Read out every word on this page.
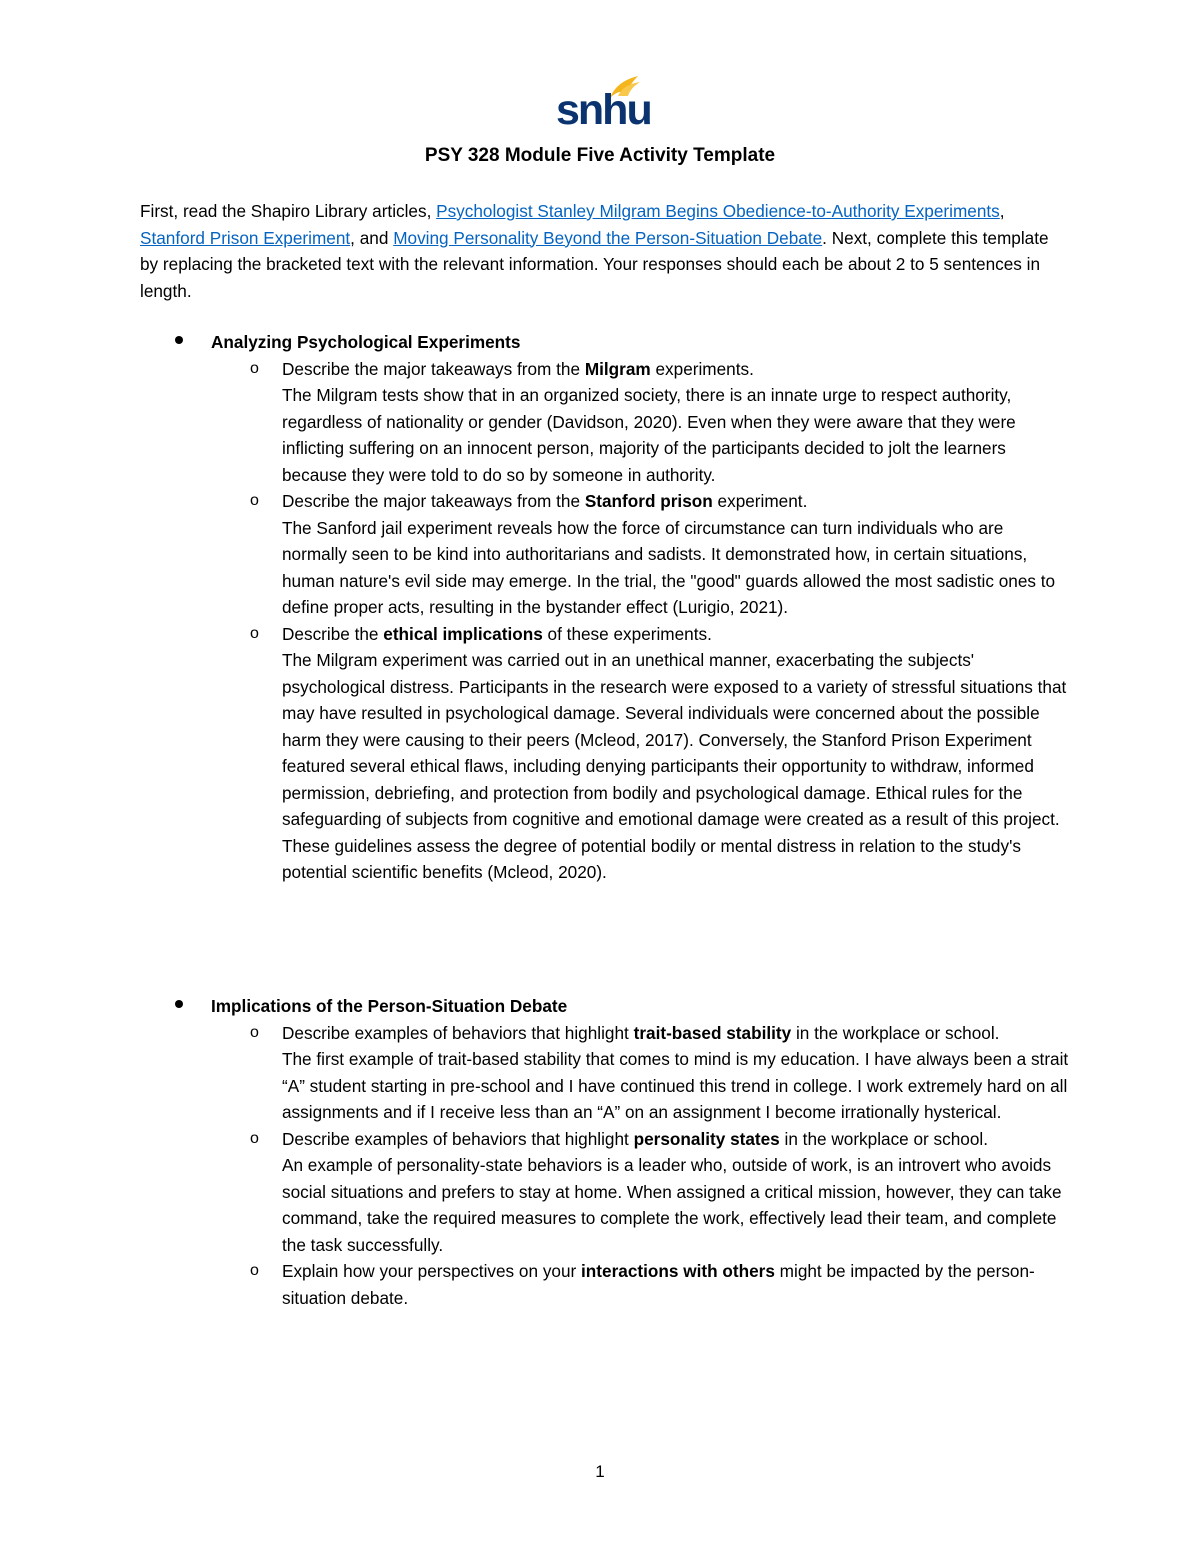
snhu
PSY 328 Module Five Activity Template

First, read the Shapiro Library articles, Psychologist Stanley Milgram Begins Obedience-to-Authority Experiments, Stanford Prison Experiment, and Moving Personality Beyond the Person-Situation Debate. Next, complete this template by replacing the bracketed text with the relevant information. Your responses should each be about 2 to 5 sentences in length.

Analyzing Psychological Experiments
o Describe the major takeaways from the Milgram experiments.

The Milgram tests show that in an organized society, there is an innate urge to respect authority, regardless of nationality or gender (Davidson, 2020). Even when they were aware that they were inflicting suffering on an innocent person, majority of the participants decided to jolt the learners because they were told to do so by someone in authority.

o Describe the major takeaways from the Stanford prison experiment.

The Sanford jail experiment reveals how the force of circumstance can turn individuals who are normally seen to be kind into authoritarians and sadists. It demonstrated how, in certain situations, human nature's evil side may emerge. In the trial, the "good" guards allowed the most sadistic ones to define proper acts, resulting in the bystander effect (Lurigio, 2021).

o Describe the ethical implications of these experiments.

The Milgram experiment was carried out in an unethical manner, exacerbating the subjects' psychological distress. Participants in the research were exposed to a variety of stressful situations that may have resulted in psychological damage. Several individuals were concerned about the possible harm they were causing to their peers (Mcleod, 2017). Conversely, the Stanford Prison Experiment featured several ethical flaws, including denying participants their opportunity to withdraw, informed permission, debriefing, and protection from bodily and psychological damage. Ethical rules for the safeguarding of subjects from cognitive and emotional damage were created as a result of this project. These guidelines assess the degree of potential bodily or mental distress in relation to the study's potential scientific benefits (Mcleod, 2020).

Implications of the Person-Situation Debate
o Describe examples of behaviors that highlight trait-based stability in the workplace or school.

The first example of trait-based stability that comes to mind is my education. I have always been a strait “A” student starting in pre-school and I have continued this trend in college. I work extremely hard on all assignments and if I receive less than an “A” on an assignment I become irrationally hysterical.

o Describe examples of behaviors that highlight personality states in the workplace or school.

An example of personality-state behaviors is a leader who, outside of work, is an introvert who avoids social situations and prefers to stay at home. When assigned a critical mission, however, they can take command, take the required measures to complete the work, effectively lead their team, and complete the task successfully.

o Explain how your perspectives on your interactions with others might be impacted by the person-situation debate.

1
